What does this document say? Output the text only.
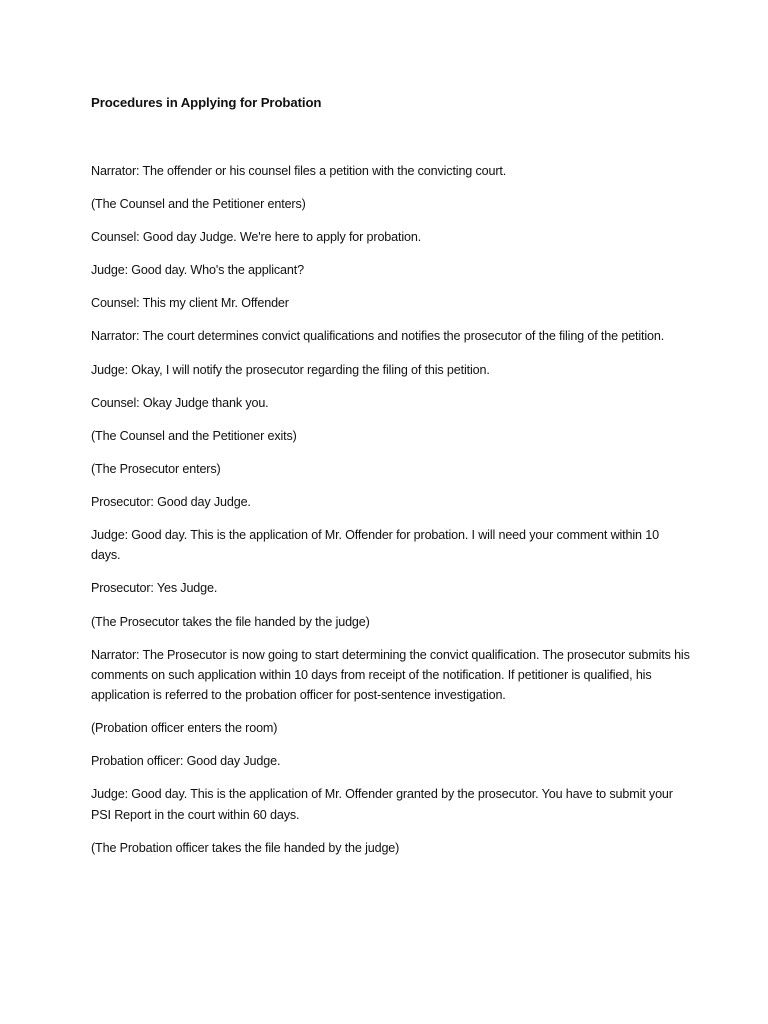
Procedures in Applying for Probation

Narrator: The offender or his counsel files a petition with the convicting court.

(The Counsel and the Petitioner enters)

Counsel: Good day Judge. We're here to apply for probation.

Judge: Good day. Who's the applicant?

Counsel: This my client Mr. Offender

Narrator: The court determines convict qualifications and notifies the prosecutor of the filing of the petition.

Judge: Okay, I will notify the prosecutor regarding the filing of this petition.

Counsel: Okay Judge thank you.

(The Counsel and the Petitioner exits)

(The Prosecutor enters)

Prosecutor: Good day Judge.

Judge: Good day. This is the application of Mr. Offender for probation. I will need your comment within 10 days.

Prosecutor: Yes Judge.

(The Prosecutor takes the file handed by the judge)

Narrator: The Prosecutor is now going to start determining the convict qualification. The prosecutor submits his comments on such application within 10 days from receipt of the notification. If petitioner is qualified, his application is referred to the probation officer for post-sentence investigation.

(Probation officer enters the room)

Probation officer: Good day Judge.

Judge: Good day. This is the application of Mr. Offender granted by the prosecutor. You have to submit your PSI Report in the court within 60 days.

(The Probation officer takes the file handed by the judge)
